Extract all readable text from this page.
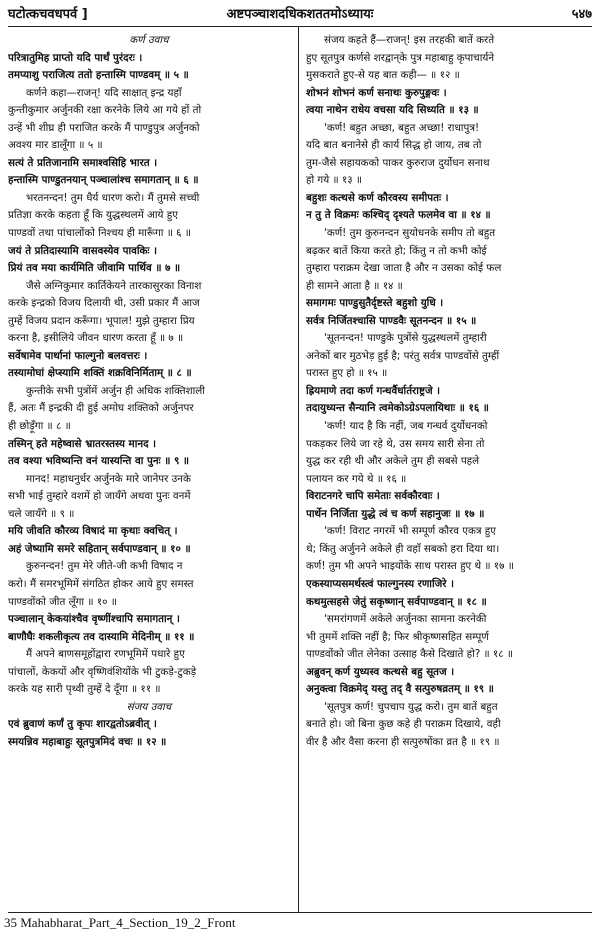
घटोत्कचवधपर्व ]	अष्टपञ्चाशदधिकशततमोऽध्यायः	५४७

कर्ण उवाच

परित्रातुमिह प्राप्तो यदि पार्थं पुरंदरः ।

तमप्याशु पराजित्य ततो हन्तास्मि पाण्डवम् ॥ ५ ॥

कर्णने कहा—राजन्! यदि साक्षात् इन्द्र यहाँ

कुन्तीकुमार अर्जुनकी रक्षा करनेके लिये आ गये हों तो

उन्हें भी शीघ्र ही पराजित करके मैं पाण्डुपुत्र अर्जुनको

अवश्य मार डालूँगा ॥ ५ ॥

सत्यं ते प्रतिजानामि समाश्वसिहि भारत ।

हन्तास्मि पाण्डुतनयान् पञ्चालांश्च समागतान् ॥ ६ ॥

भरतनन्दन! तुम धैर्य धारण करो। मैं तुमसे सच्ची

प्रतिज्ञा करके कहता हूँ कि युद्धस्थलमें आये हुए

पाण्डवों तथा पांचालोंको निश्चय ही मारूँगा ॥ ६ ॥

जयं ते प्रतिदास्यामि वासवस्येव पावकिः ।

प्रियं तव मया कार्यमिति जीवामि पार्थिव ॥ ७ ॥

जैसे अग्निकुमार कार्तिकेयने तारकासुरका विनाश

करके इन्द्रको विजय दिलायी थी, उसी प्रकार मैं आज

तुम्हें विजय प्रदान करूँगा। भूपाल! मुझे तुम्हारा प्रिय

करना है, इसीलिये जीवन धारण करता हूँ ॥ ७ ॥

सर्वेषामेव पार्थानां फाल्गुनो बलवत्तरः ।

तस्यामोघां क्षेप्स्यामि शक्तिं शक्रविनिर्मिताम् ॥ ८ ॥

कुन्तीके सभी पुत्रोंमें अर्जुन ही अधिक शक्तिशाली

हैं, अतः मैं इन्द्रकी दी हुई अमोघ शक्तिको अर्जुनपर

ही छोड़ूँगा ॥ ८ ॥

तस्मिन् हते महेष्वासे भ्रातरस्तस्य मानद ।

तव वश्या भविष्यन्ति वनं यास्यन्ति वा पुनः ॥ ९ ॥

मानद! महाधनुर्धर अर्जुनके मारे जानेपर उनके

सभी भाई तुम्हारे वशमें हो जायँगे अथवा पुनः वनमें

चले जायँगे ॥ ९ ॥

मयि जीवति कौरव्य विषादं मा कृथाः क्वचित् ।

अहं जेष्यामि समरे सहितान् सर्वपाण्डवान् ॥ १० ॥

कुरुनन्दन! तुम मेरे जीते-जी कभी विषाद न

करो। मैं समरभूमिमें संगठित होकर आये हुए समस्त

पाण्डवोंको जीत लूँगा ॥ १० ॥

पञ्चालान् केकयांश्चैव वृष्णींश्चापि समागतान् ।

बाणौघैः शकलीकृत्य तव दास्यामि मेदिनीम् ॥ ११ ॥

मैं अपने बाणसमूहोंद्वारा रणभूमिमें पधारे हुए

पांचालों, केकयों और वृष्णिवंशियोंके भी टुकड़े-टुकड़े

करके यह सारी पृथ्वी तुम्हें दे दूँगा ॥ ११ ॥

संजय उवाच

एवं ब्रुवाणं कर्णं तु कृपः शारद्वतोऽब्रवीत् ।

स्मयन्निव महाबाहुः सूतपुत्रमिदं वचः ॥ १२ ॥

संजय कहते हैं—राजन्! इस तरहकी बातें करते

हुए सूतपुत्र कर्णसे शरद्वान्‌के पुत्र महाबाहु कृपाचार्यने

मुसकराते हुए-से यह बात कही— ॥ १२ ॥

शोभनं शोभनं कर्ण सनाथः कुरुपुङ्गवः ।

त्वया नाथेन राधेय वचसा यदि सिध्यति ॥ १३ ॥

'कर्ण! बहुत अच्छा, बहुत अच्छा! राधापुत्र!

यदि बात बनानेसे ही कार्य सिद्ध हो जाय, तब तो

तुम-जैसे सहायकको पाकर कुरुराज दुर्योधन सनाथ

हो गये ॥ १३ ॥

बहुशः कत्थसे कर्ण कौरवस्य समीपतः ।

न तु ते विक्रमः कश्चिद् दृश्यते फलमेव वा ॥ १४ ॥

'कर्ण! तुम कुरुनन्दन सुयोधनके समीप तो बहुत

बढ़कर बातें किया करते हो; किंतु न तो कभी कोई

तुम्हारा पराक्रम देखा जाता है और न उसका कोई फल

ही सामने आता है ॥ १४ ॥

समागमः पाण्डुसुतैर्दृष्टस्ते बहुशो युधि ।

सर्वत्र निर्जितश्चासि पाण्डवैः सूतनन्दन ॥ १५ ॥

'सूतनन्दन! पाण्डुके पुत्रोंसे युद्धस्थलमें तुम्हारी

अनेकों बार मुठभेड़ हुई है; परंतु सर्वत्र पाण्डवोंसे तुम्हीं

परास्त हुए हो ॥ १५ ॥

ह्रियमाणे तदा कर्ण गन्धर्वैर्धार्तराष्ट्रजे ।

तदायुध्यन्त सैन्यानि त्वमेकोऽग्रेऽपलायिथाः ॥ १६ ॥

'कर्ण! याद है कि नहीं, जब गन्धर्व दुर्योधनको

पकड़कर लिये जा रहे थे, उस समय सारी सेना तो

युद्ध कर रही थी और अकेले तुम ही सबसे पहले

पलायन कर गये थे ॥ १६ ॥

विराटनगरे चापि समेताः सर्वकौरवाः ।

पार्थेन निर्जिता युद्धे त्वं च कर्ण सहानुजः ॥ १७ ॥

'कर्ण! विराट नगरमें भी सम्पूर्ण कौरव एकत्र हुए

थे; किंतु अर्जुनने अकेले ही वहाँ सबको हरा दिया था।

कर्ण! तुम भी अपने भाइयोंके साथ परास्त हुए थे ॥ १७ ॥

एकस्याप्यसमर्थस्त्वं फाल्गुनस्य रणाजिरे ।

कथमुत्सहसे जेतुं सकृष्णान् सर्वपाण्डवान् ॥ १८ ॥

'समरांगणमें अकेले अर्जुनका सामना करनेकी

भी तुममें शक्ति नहीं है; फिर श्रीकृष्णसहित सम्पूर्ण

पाण्डवोंको जीत लेनेका उत्साह कैसे दिखाते हो? ॥ १८ ॥

अब्रुवन् कर्ण युध्यस्व कत्थसे बहु सूतज ।

अनुक्त्वा विक्रमेद् यस्तु तद् वै सत्पुरुषव्रतम् ॥ १९ ॥

'सूतपुत्र कर्ण! चुपचाप युद्ध करो। तुम बातें बहुत

बनाते हो। जो बिना कुछ कहे ही पराक्रम दिखाये, वही

वीर है और वैसा करना ही सत्पुरुषोंका व्रत है ॥ १९ ॥

35 Mahabharat_Part_4_Section_19_2_Front
